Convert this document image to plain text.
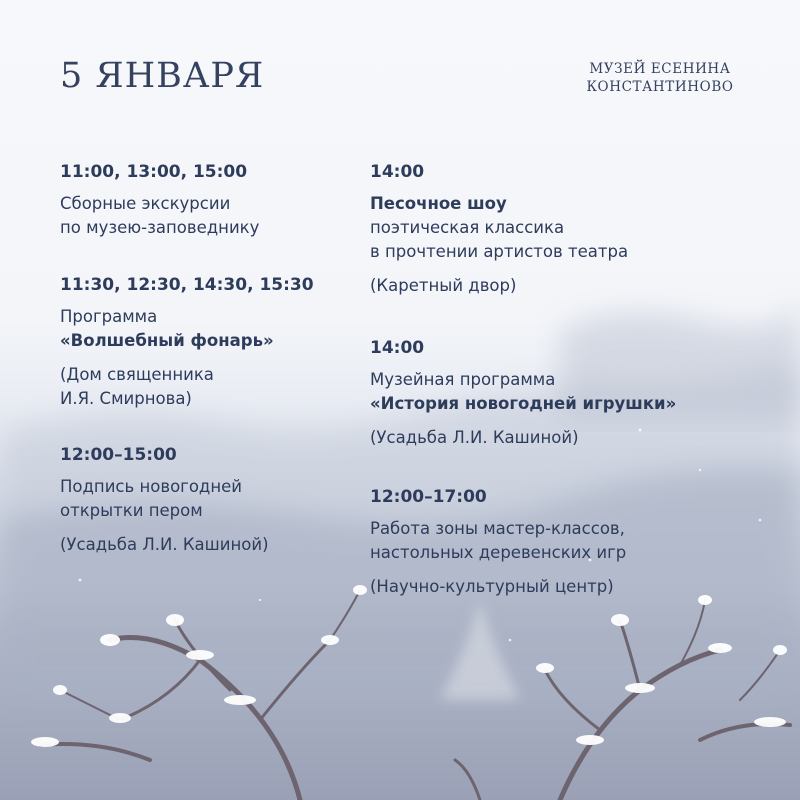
5 ЯНВАРЯ	МУЗЕЙ ЕСЕНИНА
КОНСТАНТИНОВО
11:00, 13:00, 15:00
Сборные экскурсии
по музею-заповеднику
11:30, 12:30, 14:30, 15:30
Программа
«Волшебный фонарь»
(Дом священника
И.Я. Смирнова)
12:00–15:00
Подпись новогодней
открытки пером
(Усадьба Л.И. Кашиной)
14:00
Песочное шоу
поэтическая классика
в прочтении артистов театра
(Каретный двор)
14:00
Музейная программа
«История новогодней игрушки»
(Усадьба Л.И. Кашиной)
12:00–17:00
Работа зоны мастер-классов,
настольных деревенских игр
(Научно-культурный центр)
